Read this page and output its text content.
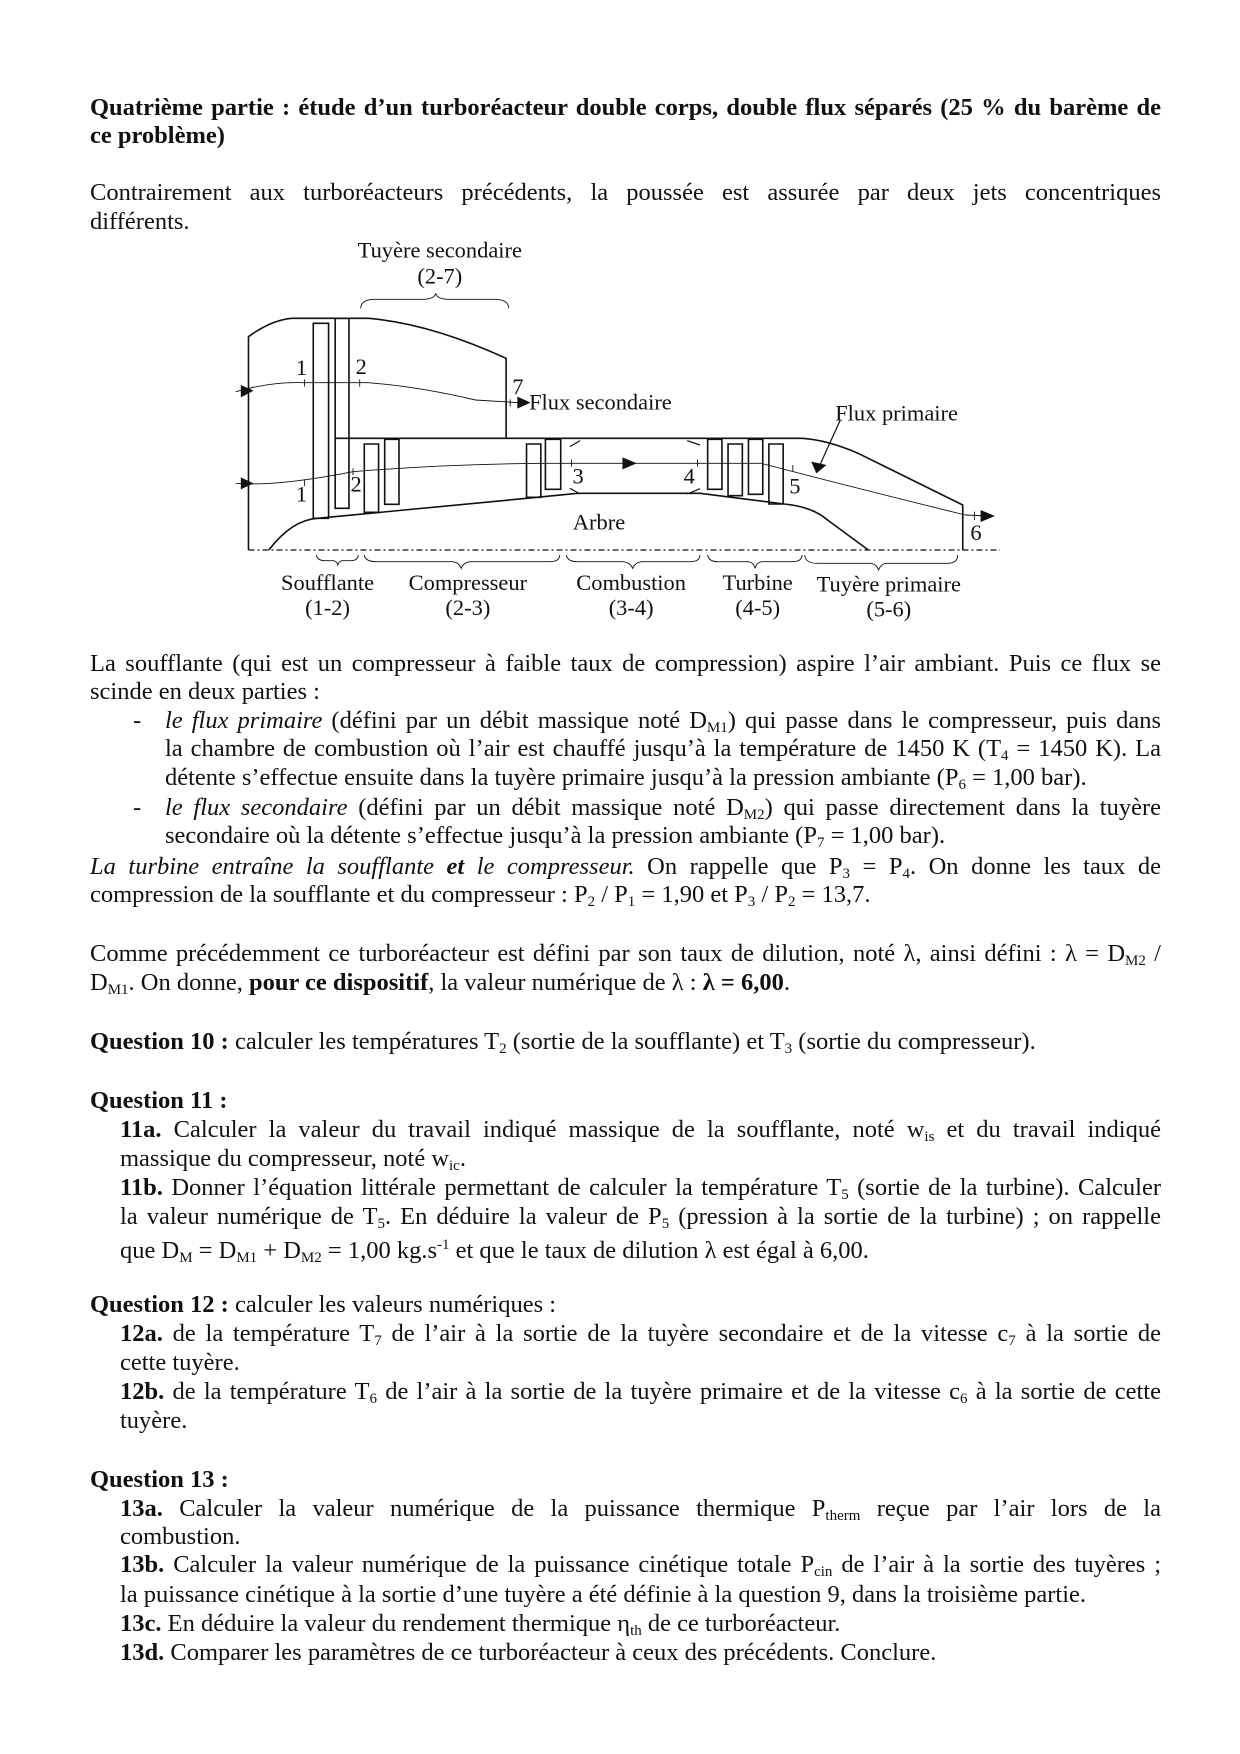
Quatrième partie : étude d’un turboréacteur double corps, double flux séparés (25 % du barème de
ce problème)
Contrairement aux turboréacteurs précédents, la poussée est assurée par deux jets concentriques
différents.
La soufflante (qui est un compresseur à faible taux de compression) aspire l’air ambiant. Puis ce flux se
scinde en deux parties :
- le flux primaire (défini par un débit massique noté $D_{M1}$) qui passe dans le compresseur, puis dans
la chambre de combustion où l’air est chauffé jusqu’à la température de 1450 K ($T_4 = 1450$ K). La
détente s’effectue ensuite dans la tuyère primaire jusqu’à la pression ambiante ($P_6 = 1,00$ bar).
- le flux secondaire (défini par un débit massique noté $D_{M2}$) qui passe directement dans la tuyère
secondaire où la détente s’effectue jusqu’à la pression ambiante ($P_7 = 1,00$ bar).
La turbine entraîne la soufflante et le compresseur. On rappelle que $P_3 = P_4$. On donne les taux de
compression de la soufflante et du compresseur : $P_2 / P_1 = 1,90$ et $P_3 / P_2 = 13,7$.
Comme précédemment ce turboréacteur est défini par son taux de dilution, noté λ, ainsi défini : $\lambda = D_{M2}$ /
$D_{M1}$. On donne, pour ce dispositif, la valeur numérique de λ : λ = 6,00.
Question 10 : calculer les températures $T_2$ (sortie de la soufflante) et $T_3$ (sortie du compresseur).
Question 11 :
11a. Calculer la valeur du travail indiqué massique de la soufflante, noté $w_{is}$ et du travail indiqué
massique du compresseur, noté $w_{ic}$.
11b. Donner l’équation littérale permettant de calculer la température $T_5$ (sortie de la turbine). Calculer
la valeur numérique de $T_5$. En déduire la valeur de $P_5$ (pression à la sortie de la turbine) ; on rappelle
que $D_M = D_{M1} + D_{M2} = 1,00$ $kg.s^{-1}$ et que le taux de dilution λ est égal à 6,00.
Question 12 : calculer les valeurs numériques :
12a. de la température $T_7$ de l’air à la sortie de la tuyère secondaire et de la vitesse $c_7$ à la sortie de
cette tuyère.
12b. de la température $T_6$ de l’air à la sortie de la tuyère primaire et de la vitesse $c_6$ à la sortie de cette
tuyère.
Question 13 :
13a. Calculer la valeur numérique de la puissance thermique $P_{therm}$ reçue par l’air lors de la
combustion.
13b. Calculer la valeur numérique de la puissance cinétique totale $P_{cin}$ de l’air à la sortie des tuyères ;
la puissance cinétique à la sortie d’une tuyère a été définie à la question 9, dans la troisième partie.
13c. En déduire la valeur du rendement thermique $\eta_{th}$ de ce turboréacteur.
13d. Comparer les paramètres de ce turboréacteur à ceux des précédents. Conclure.
Tuyère secondaire
(2-7)
1 2
1 2
7
3 4 5
6
Flux secondaire	Flux primaire
Arbre
Soufflante
(1-2)
Compresseur
(2-3)
Combustion
(3-4)
Turbine
(4-5)
Tuyère primaire
(5-6)
